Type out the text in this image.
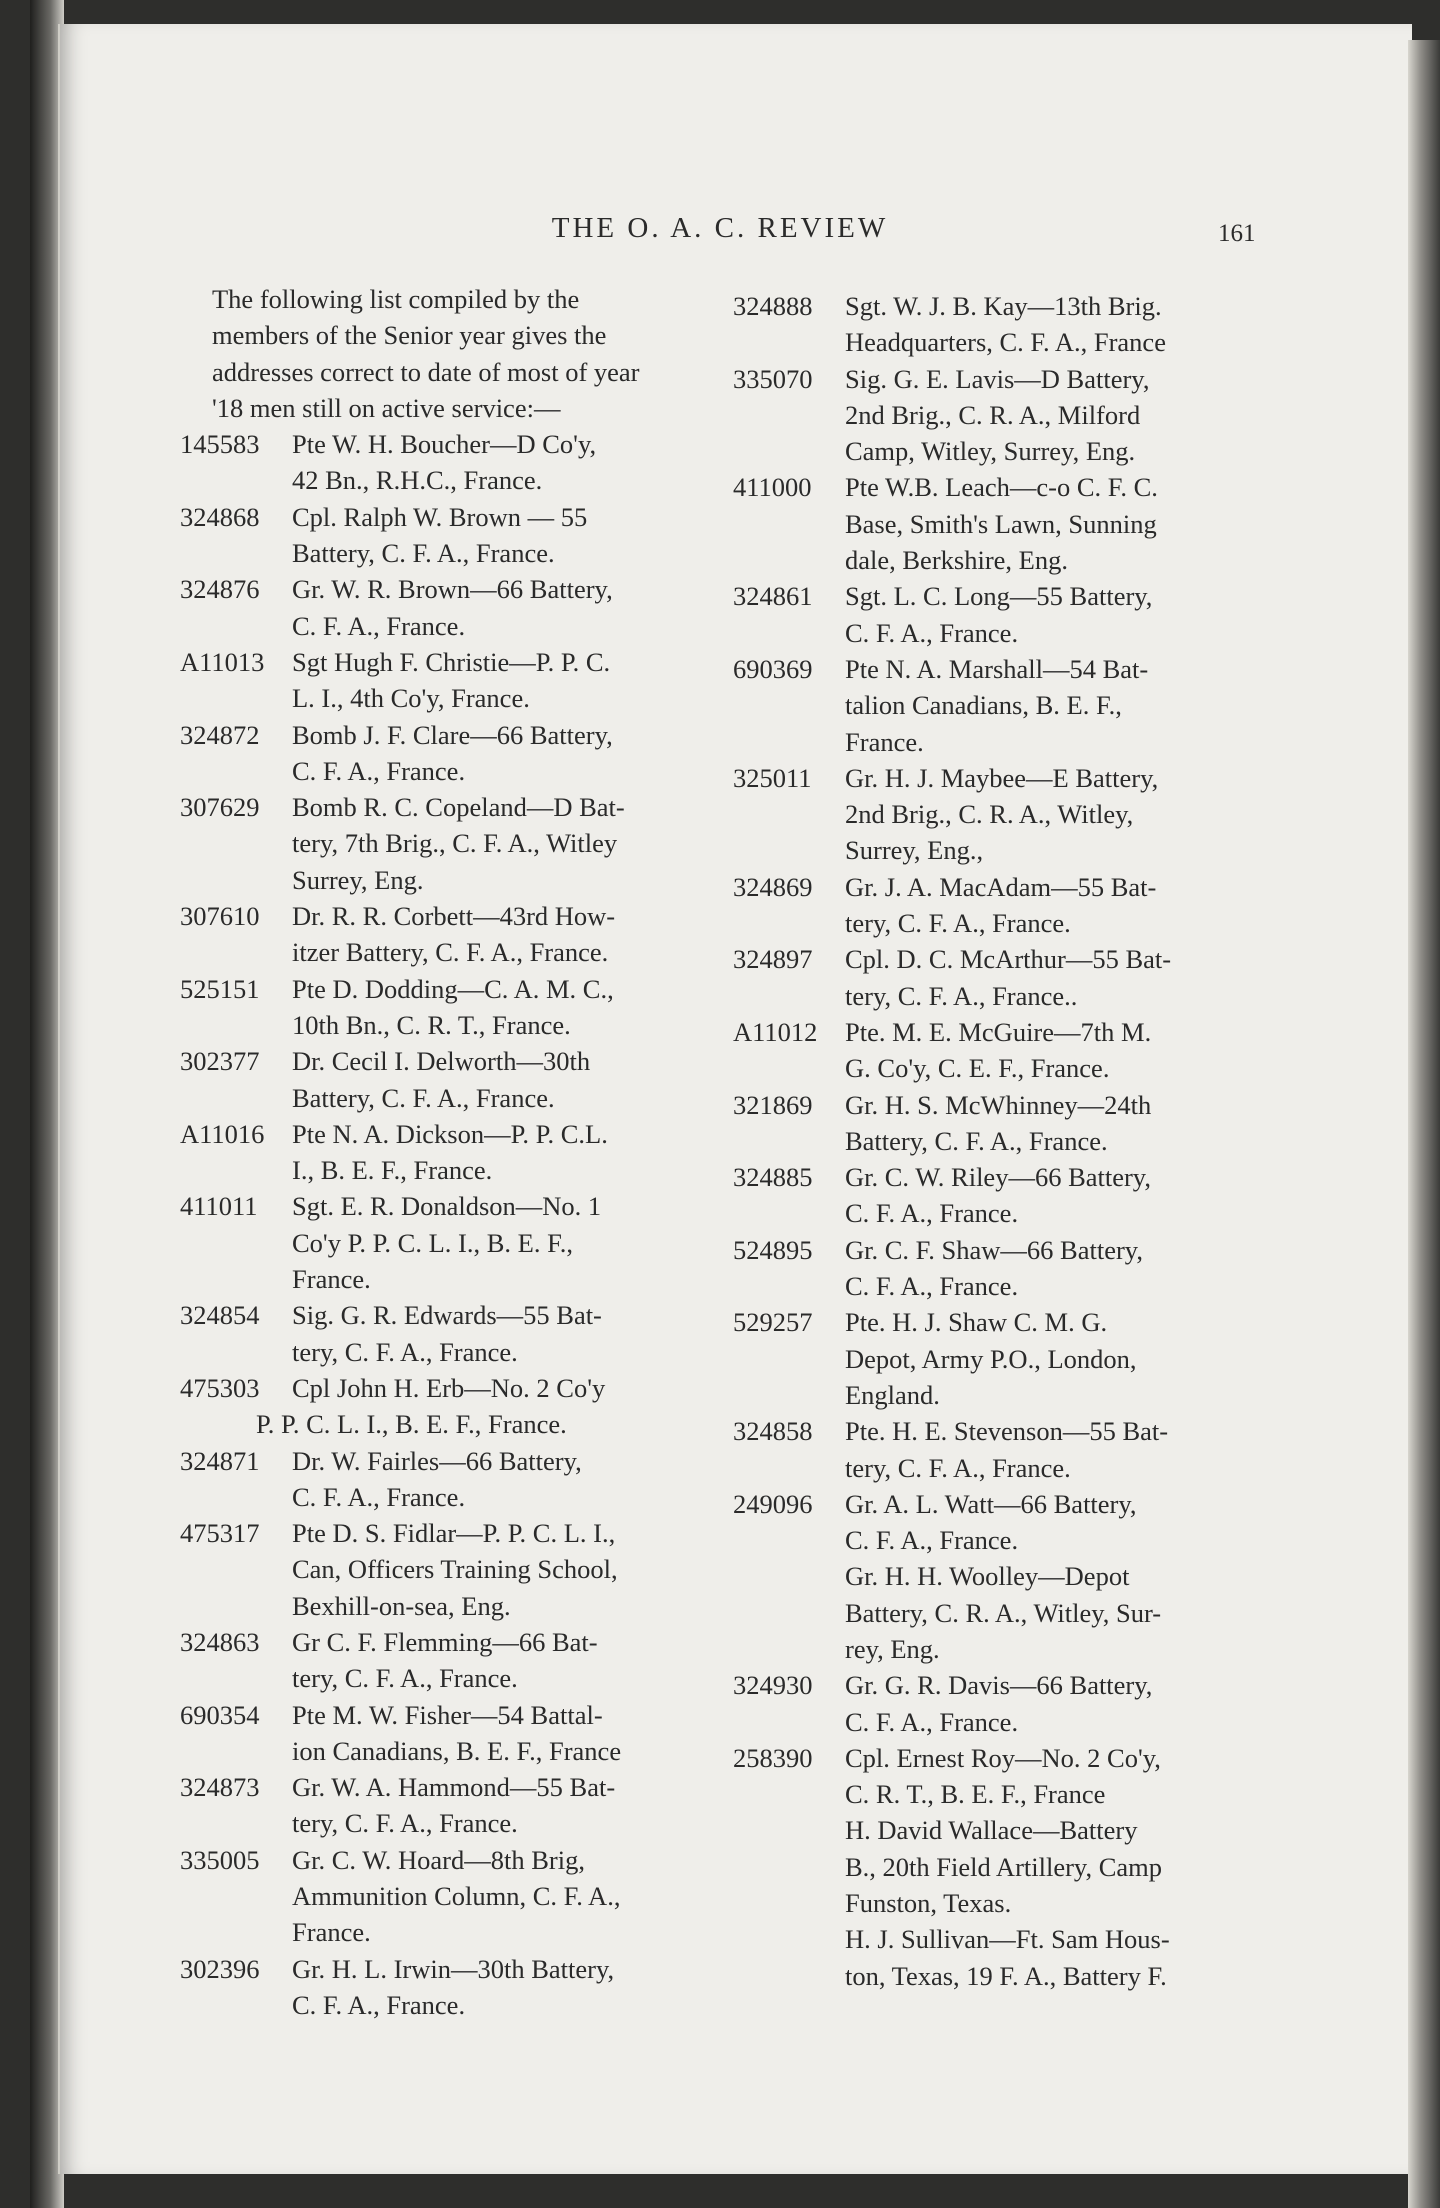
THE O. A. C. REVIEW	161
The following list compiled by the
members of the Senior year gives the
addresses correct to date of most of year
'18 men still on active service:—
145583	Pte W. H. Boucher—D Co'y,
42 Bn., R.H.C., France.
324868	Cpl. Ralph W. Brown — 55
Battery, C. F. A., France.
324876	Gr. W. R. Brown—66 Battery,
C. F. A., France.
A11013	Sgt Hugh F. Christie—P. P. C.
L. I., 4th Co'y, France.
324872	Bomb J. F. Clare—66 Battery,
C. F. A., France.
307629	Bomb R. C. Copeland—D Bat-
tery, 7th Brig., C. F. A., Witley
Surrey, Eng.
307610	Dr. R. R. Corbett—43rd How-
itzer Battery, C. F. A., France.
525151	Pte D. Dodding—C. A. M. C.,
10th Bn., C. R. T., France.
302377	Dr. Cecil I. Delworth—30th
Battery, C. F. A., France.
A11016	Pte N. A. Dickson—P. P. C.L.
I., B. E. F., France.
411011	Sgt. E. R. Donaldson—No. 1
Co'y P. P. C. L. I., B. E. F.,
France.
324854	Sig. G. R. Edwards—55 Bat-
tery, C. F. A., France.
475303	Cpl John H. Erb—No. 2 Co'y
P. P. C. L. I., B. E. F., France.
324871	Dr. W. Fairles—66 Battery,
C. F. A., France.
475317	Pte D. S. Fidlar—P. P. C. L. I.,
Can, Officers Training School,
Bexhill-on-sea, Eng.
324863	Gr C. F. Flemming—66 Bat-
tery, C. F. A., France.
690354	Pte M. W. Fisher—54 Battal-
ion Canadians, B. E. F., France
324873	Gr. W. A. Hammond—55 Bat-
tery, C. F. A., France.
335005	Gr. C. W. Hoard—8th Brig,
Ammunition Column, C. F. A.,
France.
302396	Gr. H. L. Irwin—30th Battery,
C. F. A., France.
324888	Sgt. W. J. B. Kay—13th Brig.
Headquarters, C. F. A., France
335070	Sig. G. E. Lavis—D Battery,
2nd Brig., C. R. A., Milford
Camp, Witley, Surrey, Eng.
411000	Pte W.B. Leach—c-o C. F. C.
Base, Smith's Lawn, Sunning
dale, Berkshire, Eng.
324861	Sgt. L. C. Long—55 Battery,
C. F. A., France.
690369	Pte N. A. Marshall—54 Bat-
talion Canadians, B. E. F.,
France.
325011	Gr. H. J. Maybee—E Battery,
2nd Brig., C. R. A., Witley,
Surrey, Eng.,
324869	Gr. J. A. MacAdam—55 Bat-
tery, C. F. A., France.
324897	Cpl. D. C. McArthur—55 Bat-
tery, C. F. A., France..
A11012	Pte. M. E. McGuire—7th M.
G. Co'y, C. E. F., France.
321869	Gr. H. S. McWhinney—24th
Battery, C. F. A., France.
324885	Gr. C. W. Riley—66 Battery,
C. F. A., France.
524895	Gr. C. F. Shaw—66 Battery,
C. F. A., France.
529257	Pte. H. J. Shaw C. M. G.
Depot, Army P.O., London,
England.
324858	Pte. H. E. Stevenson—55 Bat-
tery, C. F. A., France.
249096	Gr. A. L. Watt—66 Battery,
C. F. A., France.
Gr. H. H. Woolley—Depot
Battery, C. R. A., Witley, Sur-
rey, Eng.
324930	Gr. G. R. Davis—66 Battery,
C. F. A., France.
258390	Cpl. Ernest Roy—No. 2 Co'y,
C. R. T., B. E. F., France
H. David Wallace—Battery
B., 20th Field Artillery, Camp
Funston, Texas.
H. J. Sullivan—Ft. Sam Hous-
ton, Texas, 19 F. A., Battery F.
